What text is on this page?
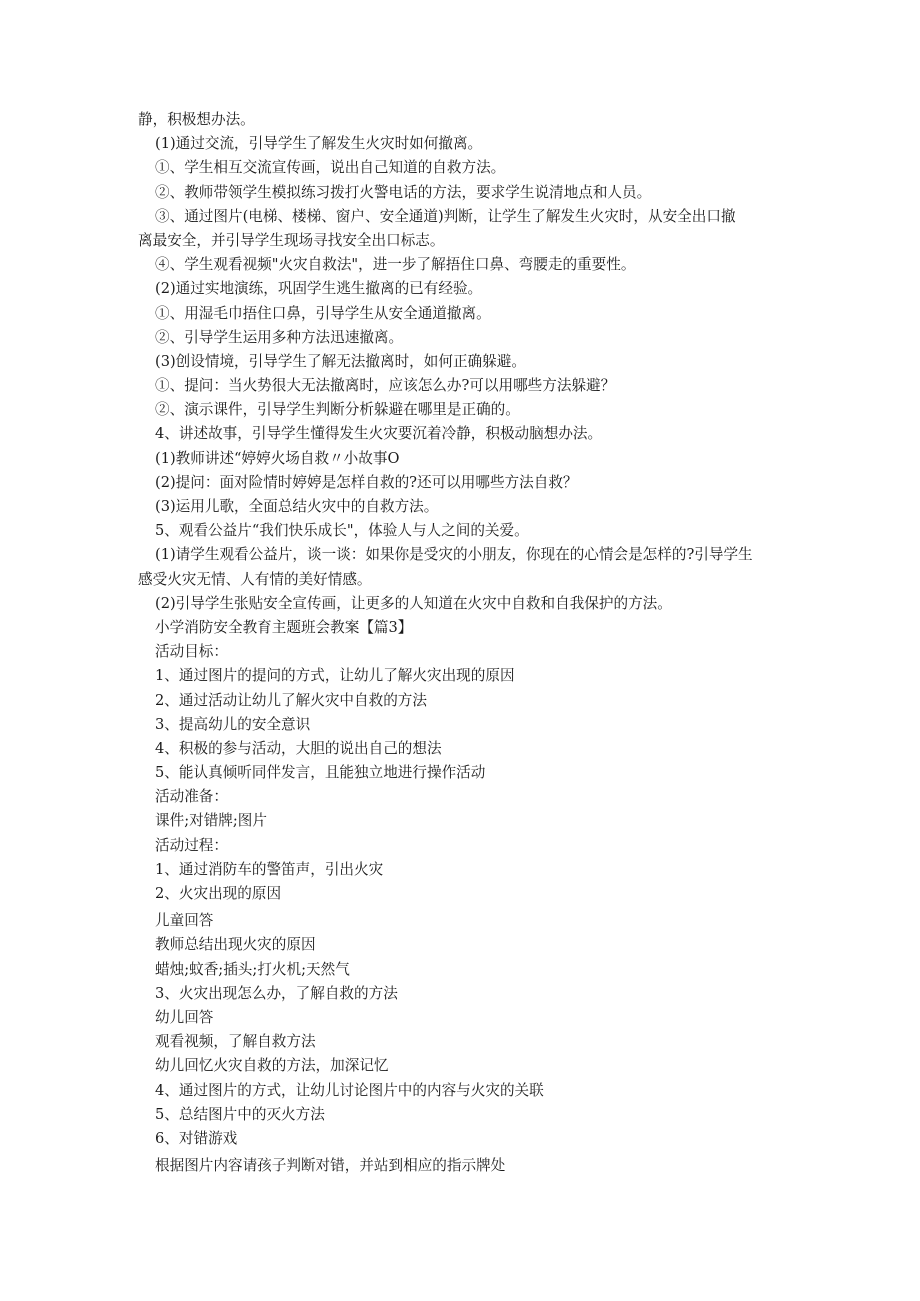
静，积极想办法。
(1)通过交流，引导学生了解发生火灾时如何撤离。
①、学生相互交流宣传画，说出自己知道的自救方法。
②、教师带领学生模拟练习拨打火警电话的方法，要求学生说清地点和人员。
③、通过图片(电梯、楼梯、窗户、安全通道)判断，让学生了解发生火灾时，从安全出口撤
离最安全，并引导学生现场寻找安全出口标志。
④、学生观看视频"火灾自救法"，进一步了解捂住口鼻、弯腰走的重要性。
(2)通过实地演练，巩固学生逃生撤离的已有经验。
①、用湿毛巾捂住口鼻，引导学生从安全通道撤离。
②、引导学生运用多种方法迅速撤离。
(3)创设情境，引导学生了解无法撤离时，如何正确躲避。
①、提问：当火势很大无法撤离时，应该怎么办?可以用哪些方法躲避？
②、演示课件，引导学生判断分析躲避在哪里是正确的。
4、讲述故事，引导学生懂得发生火灾要沉着冷静，积极动脑想办法。
(1)教师讲述“婷婷火场自救〃小故事O
(2)提问：面对险情时婷婷是怎样自救的?还可以用哪些方法自救？
(3)运用儿歌，全面总结火灾中的自救方法。
5、观看公益片“我们快乐成长"，体验人与人之间的关爱。
(1)请学生观看公益片，谈一谈：如果你是受灾的小朋友，你现在的心情会是怎样的?引导学生
感受火灾无情、人有情的美好情感。
(2)引导学生张贴安全宣传画，让更多的人知道在火灾中自救和自我保护的方法。
小学消防安全教育主题班会教案【篇3】
活动目标：
1、通过图片的提问的方式，让幼儿了解火灾出现的原因
2、通过活动让幼儿了解火灾中自救的方法
3、提高幼儿的安全意识
4、积极的参与活动，大胆的说出自己的想法
5、能认真倾听同伴发言，且能独立地进行操作活动
活动准备：
课件;对错牌;图片
活动过程：
1、通过消防车的警笛声，引出火灾
2、火灾出现的原因
儿童回答
教师总结出现火灾的原因
蜡烛;蚊香;插头;打火机;天然气
3、火灾出现怎么办，了解自救的方法
幼儿回答
观看视频，了解自救方法
幼儿回忆火灾自救的方法，加深记忆
4、通过图片的方式，让幼儿讨论图片中的内容与火灾的关联
5、总结图片中的灭火方法
6、对错游戏
根据图片内容请孩子判断对错，并站到相应的指示牌处
